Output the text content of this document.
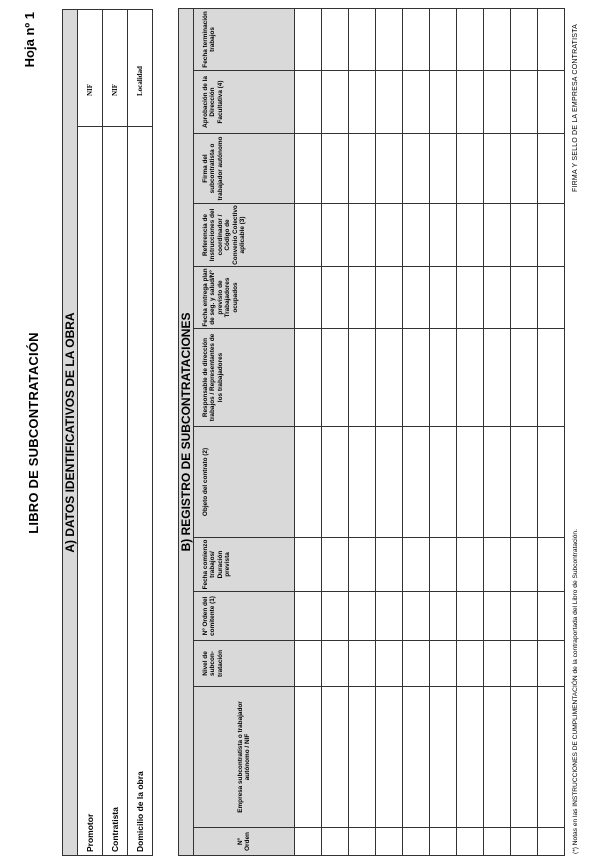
LIBRO DE SUBCONTRATACIÓN
Hoja nº 1
A) DATOS IDENTIFICATIVOS DE LA OBRA	
Promotor	NIF

Contratista	NIF

Domicilio de la obra	Localidad
B) REGISTRO DE SUBCONTRATACIONES											
Nº Orden	Empresa subcontratista o trabajador autónomo / NIF	Nivel de subcon- tratación	Nº Orden del comitente (1)	Fecha comienzo trabajos/ Duración prevista	Objeto del contrato (2)	Responsable de dirección trabajos / Representantes de los trabajadores	Fecha entrega plan de seg. y salud/Nº previsto de Trabajadores ocupados	Referencia de Instrucciones del coordinador / Código de Convenio Colectivo aplicable (3)	Firma del subcontratista o trabajador autónomo	Aprobación de la Dirección Facultativa (4)	Fecha terminación trabajos

(*) Notas en las INSTRUCCIONES DE CUMPLIMENTACIÓN de la contraportada del Libro de Subcontratación.
FIRMA Y SELLO DE LA EMPRESA CONTRATISTA
